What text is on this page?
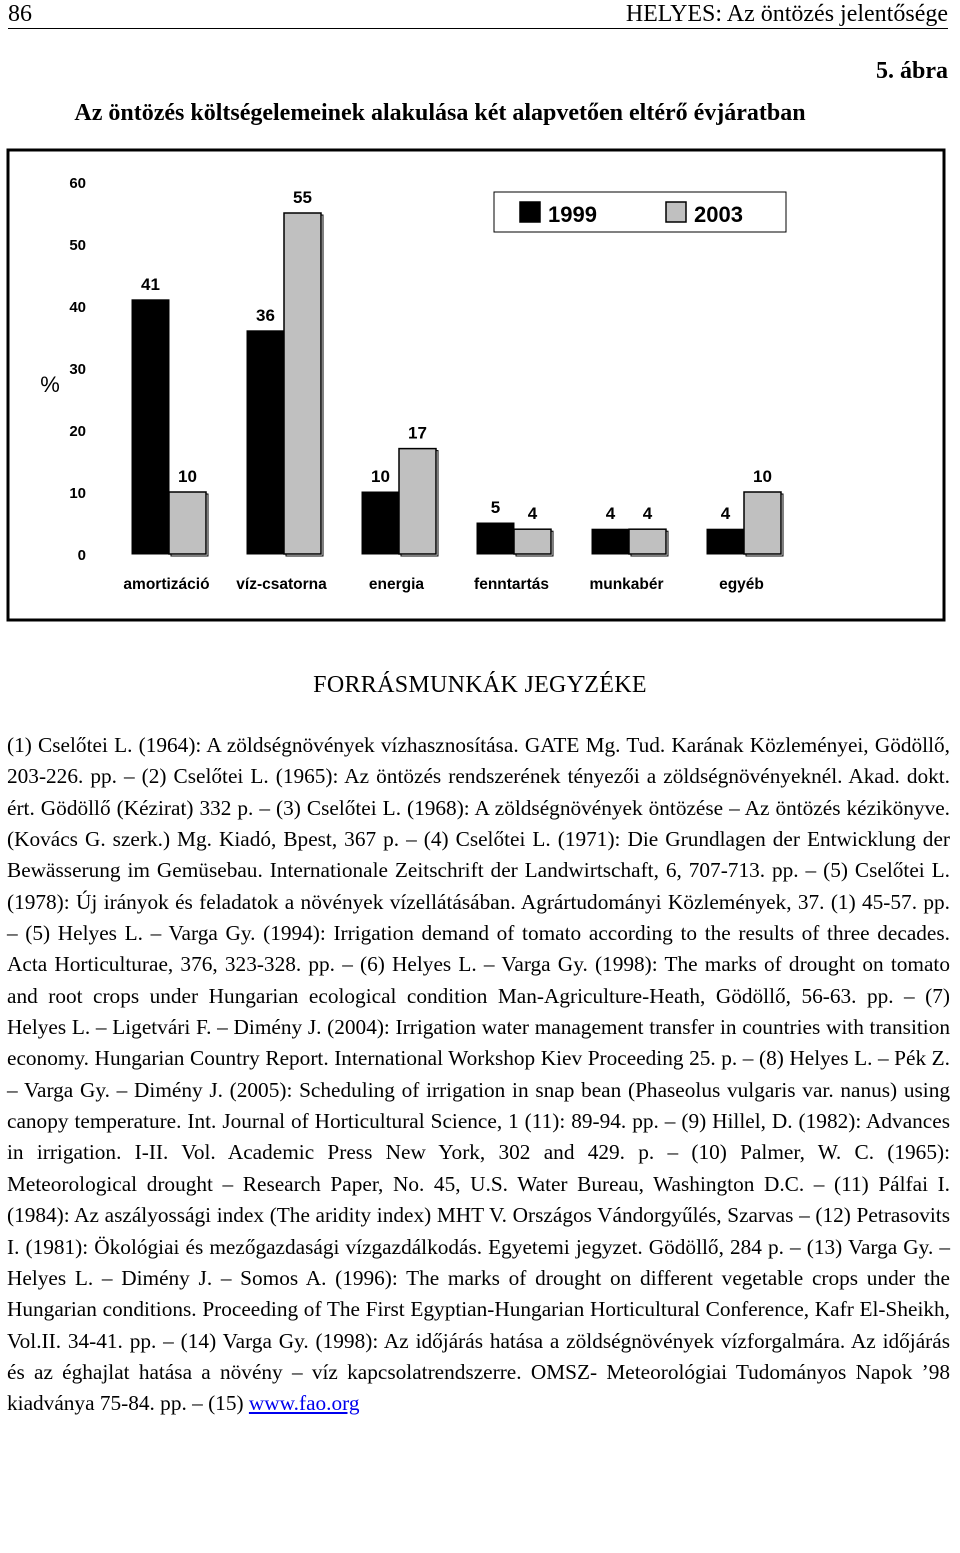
86	HELYES: Az öntözés jelentősége
5. ábra
Az öntözés költségelemeinek alakulása két alapvetően eltérő évjáratban
0
10
20
30
40
50
60
%
41
10
amortizáció
36
55
víz-csatorna
10
17
energia
5 4
fenntartás
4 4
munkabér
4
10
egyéb
1999	2003
FORRÁSMUNKÁK JEGYZÉKE
(1) Cselőtei L. (1964): A zöldségnövények vízhasznosítása. GATE Mg. Tud. Karának Közleményei, Gödöllő, 203-226. pp. – (2) Cselőtei L. (1965): Az öntözés rendszerének tényezői a zöldségnövényeknél. Akad. dokt. ért. Gödöllő (Kézirat) 332 p. – (3) Cselőtei L. (1968): A zöldségnövények öntözése – Az öntözés kézikönyve. (Kovács G. szerk.) Mg. Kiadó, Bpest, 367 p. – (4) Cselőtei L. (1971): Die Grundlagen der Entwicklung der Bewässerung im Gemüsebau. Internationale Zeitschrift der Landwirtschaft, 6, 707-713. pp. – (5) Cselőtei L. (1978): Új irányok és feladatok a növények vízellátásában. Agrártudományi Közlemények, 37. (1) 45-57. pp. – (5) Helyes L. – Varga Gy. (1994): Irrigation demand of tomato according to the results of three decades. Acta Horticulturae, 376, 323-328. pp. – (6) Helyes L. – Varga Gy. (1998): The marks of drought on tomato and root crops under Hungarian ecological condition Man-Agriculture-Heath, Gödöllő, 56-63. pp. – (7) Helyes L. – Ligetvári F. – Dimény J. (2004): Irrigation water management transfer in countries with transition economy. Hungarian Country Report. International Workshop Kiev Proceeding 25. p. – (8) Helyes L. – Pék Z. – Varga Gy. – Dimény J. (2005): Scheduling of irrigation in snap bean (Phaseolus vulgaris var. nanus) using canopy temperature. Int. Journal of Horticultural Science, 1 (11): 89-94. pp. – (9) Hillel, D. (1982): Advances in irrigation. I-II. Vol. Academic Press New York, 302 and 429. p. – (10) Palmer, W. C. (1965): Meteorological drought – Research Paper, No. 45, U.S. Water Bureau, Washington D.C. – (11) Pálfai I. (1984): Az aszályossági index (The aridity index) MHT V. Országos Vándorgyűlés, Szarvas – (12) Petrasovits I. (1981): Ökológiai és mezőgazdasági vízgazdálkodás. Egyetemi jegyzet. Gödöllő, 284 p. – (13) Varga Gy. – Helyes L. – Dimény J. – Somos A. (1996): The marks of drought on different vegetable crops under the Hungarian conditions. Proceeding of The First Egyptian-Hungarian Horticultural Conference, Kafr El-Sheikh, Vol.II. 34-41. pp. – (14) Varga Gy. (1998): Az időjárás hatása a zöldségnövények vízforgalmára. Az időjárás és az éghajlat hatása a növény – víz kapcsolatrendszerre. OMSZ- Meteorológiai Tudományos Napok ’98 kiadványa 75-84. pp. – (15) www.fao.org
